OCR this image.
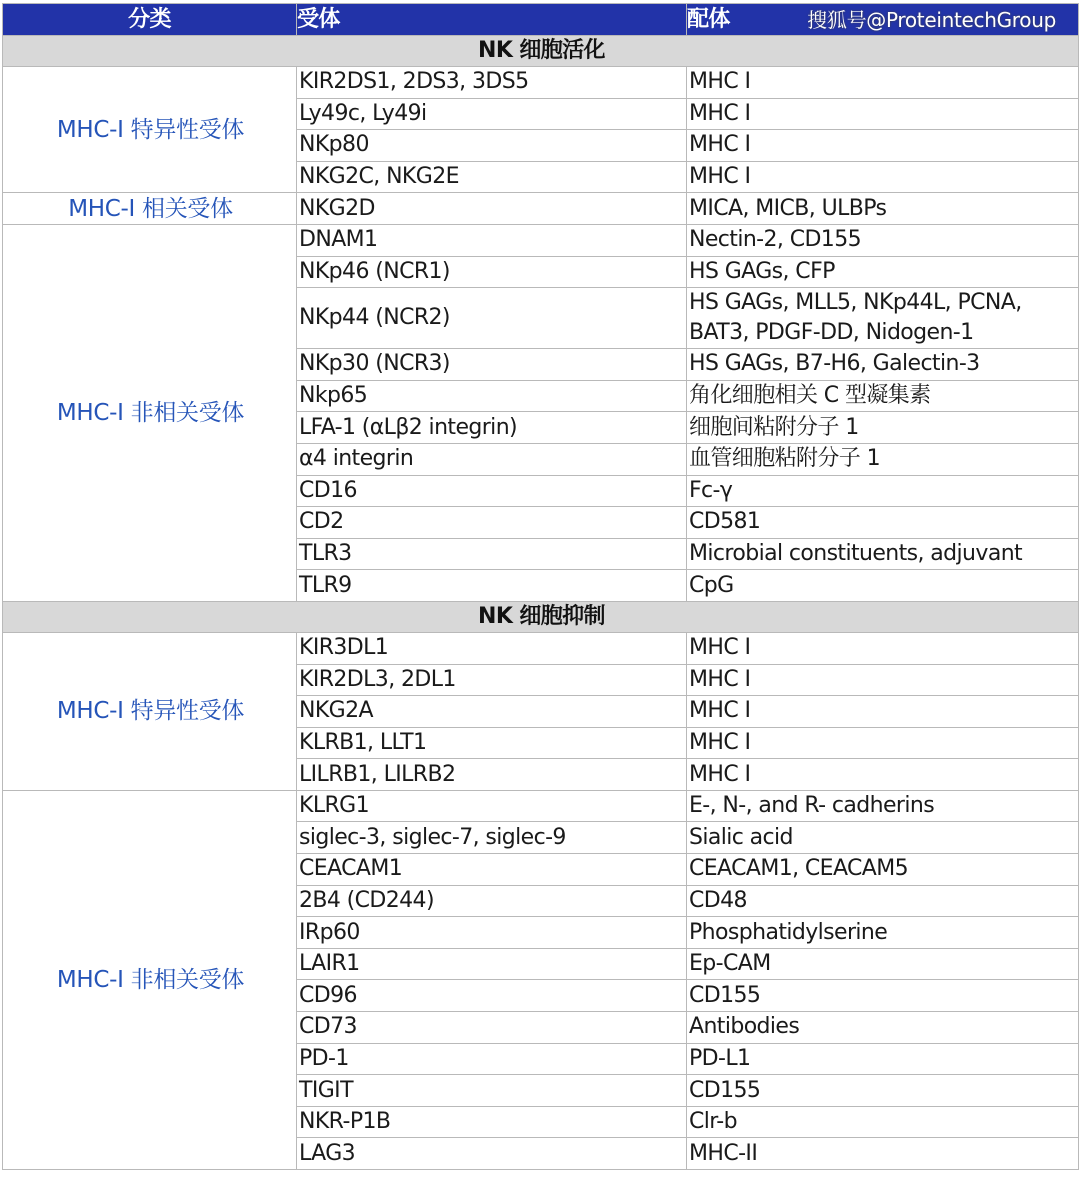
分类	受体	配体 搜狐号@ProteintechGroup

NK 细胞活化		
MHC-I 特异性受体	KIR2DS1, 2DS3, 3DS5	MHC I
	Ly49c, Ly49i	MHC I
	NKp80	MHC I
	NKG2C, NKG2E	MHC I
MHC-I 相关受体	NKG2D	MICA, MICB, ULBPs
MHC-I 非相关受体	DNAM1	Nectin-2, CD155
	NKp46 (NCR1)	HS GAGs, CFP
	NKp44 (NCR2)	HS GAGs, MLL5, NKp44L, PCNA, BAT3, PDGF-DD, Nidogen-1
	NKp30 (NCR3)	HS GAGs, B7-H6, Galectin-3
	Nkp65	角化细胞相关 C 型凝集素
	LFA-1 (αLβ2 integrin)	细胞间粘附分子 1
	α4 integrin	血管细胞粘附分子 1
	CD16	Fc-γ
	CD2	CD581
	TLR3	Microbial constituents, adjuvant
	TLR9	CpG
NK 细胞抑制		
MHC-I 特异性受体	KIR3DL1	MHC I
	KIR2DL3, 2DL1	MHC I
	NKG2A	MHC I
	KLRB1, LLT1	MHC I
	LILRB1, LILRB2	MHC I
MHC-I 非相关受体	KLRG1	E-, N-, and R- cadherins
	siglec-3, siglec-7, siglec-9	Sialic acid
	CEACAM1	CEACAM1, CEACAM5
	2B4 (CD244)	CD48
	IRp60	Phosphatidylserine
	LAIR1	Ep-CAM
	CD96	CD155
	CD73	Antibodies
	PD-1	PD-L1
	TIGIT	CD155
	NKR-P1B	Clr-b
	LAG3	MHC-II
